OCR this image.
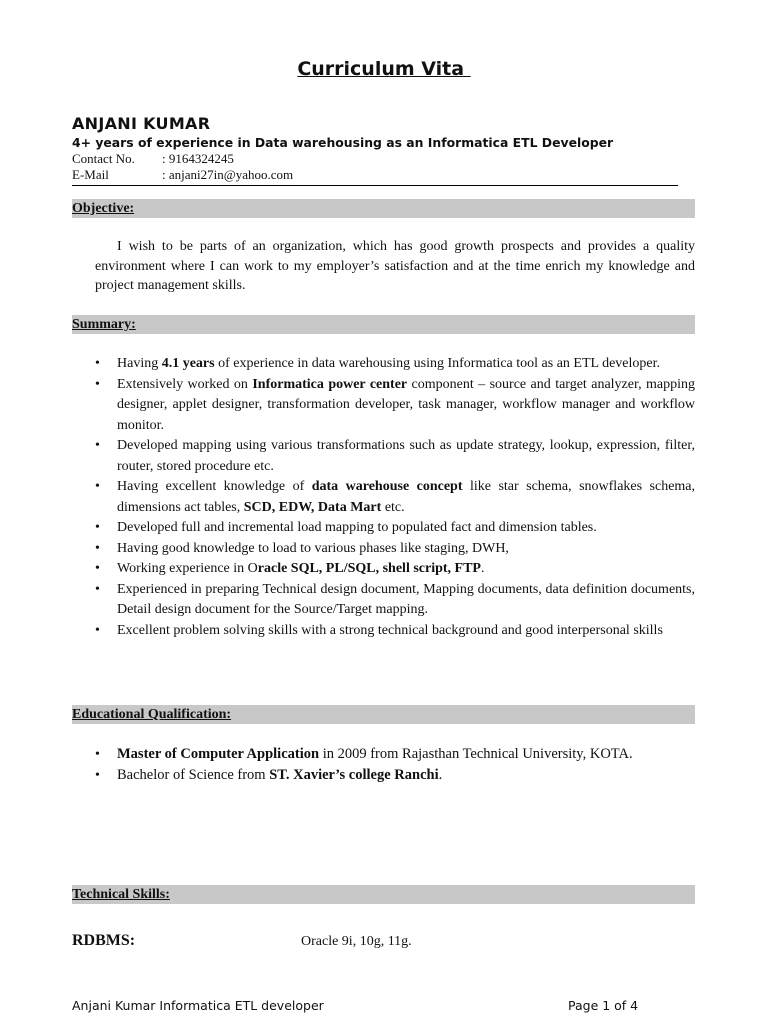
Curriculum Vita
ANJANI KUMAR
4+ years of experience in Data warehousing as an Informatica ETL Developer
Contact No. : 9164324245
E-Mail	: anjani27in@yahoo.com
Objective:
I wish to be parts of an organization, which has good growth prospects and provides a quality environment where I can work to my employer’s satisfaction and at the time enrich my knowledge and project management skills.
Summary:
• Having 4.1 years of experience in data warehousing using Informatica tool as an ETL developer.
• Extensively worked on Informatica power center component – source and target analyzer, mapping designer, applet designer, transformation developer, task manager, workflow manager and workflow monitor.
• Developed mapping using various transformations such as update strategy, lookup, expression, filter, router, stored procedure etc.
• Having excellent knowledge of data warehouse concept like star schema, snowflakes schema, dimensions act tables, SCD, EDW, Data Mart etc.
• Developed full and incremental load mapping to populated fact and dimension tables.
• Having good knowledge to load to various phases like staging, DWH,
• Working experience in Oracle SQL, PL/SQL, shell script, FTP.
• Experienced in preparing Technical design document, Mapping documents, data definition documents, Detail design document for the Source/Target mapping.
• Excellent problem solving skills with a strong technical background and good interpersonal skills
Educational Qualification:
• Master of Computer Application in 2009 from Rajasthan Technical University, KOTA.
• Bachelor of Science from ST. Xavier’s college Ranchi.
Technical Skills:
RDBMS:	Oracle 9i, 10g, 11g.
Anjani Kumar Informatica ETL developer	Page 1 of 4
